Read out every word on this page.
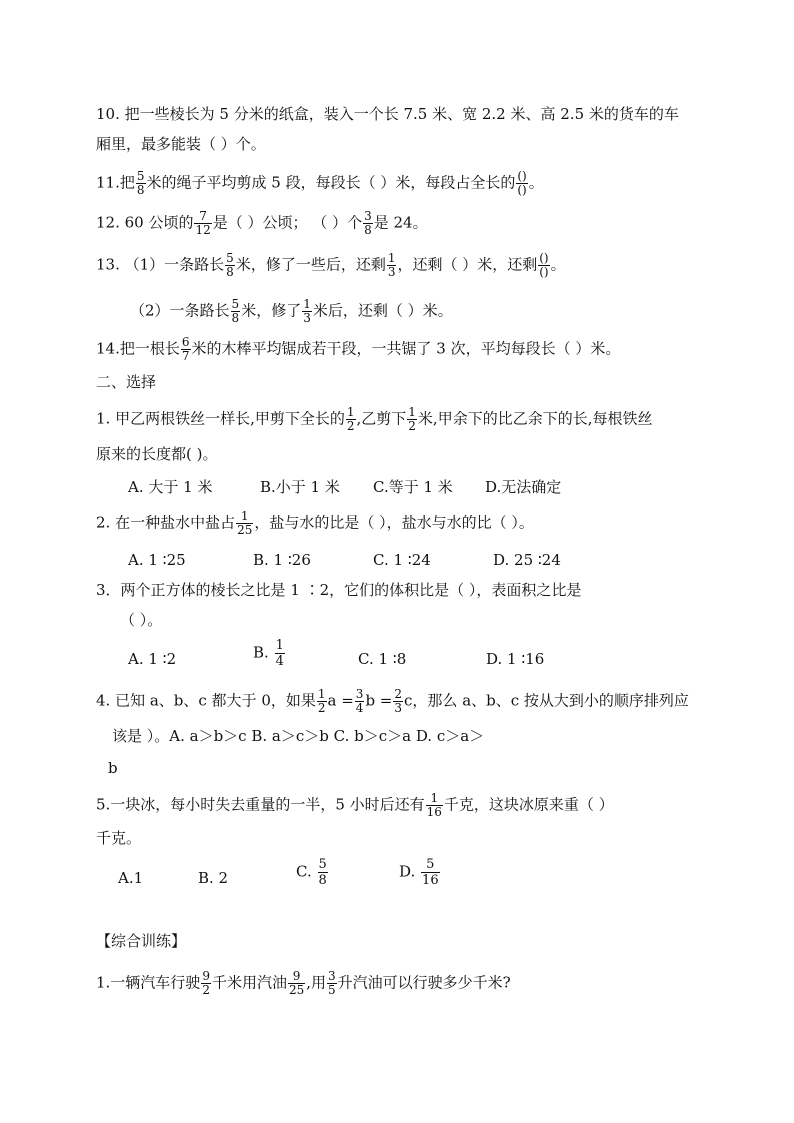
10. 把一些棱长为 5 分米的纸盒，装入一个长 7.5 米、宽 2.2 米、高 2.5 米的货车的车
厢里，最多能装（ ）个。
11.把 $\frac{5}{8}$ 米的绳子平均剪成 5 段，每段长（ ）米，每段占全长的 ()
() 。
12. 60 公顷的 $\frac{7}{12}$ 是（ ）公顷； （ ）个 $\frac{3}{8}$ 是 24。
13. （1）一条路长 $\frac{5}{8}$ 米，修了一些后，还剩 $\frac{1}{3}$ ，还剩（ ）米，还剩 ()
() 。
（2）一条路长 $\frac{5}{8}$ 米，修了 $\frac{1}{3}$ 米后，还剩（ ）米。
14.把一根长 $\frac{6}{7}$ 米的木棒平均锯成若干段，一共锯了 3 次，平均每段长（ ）米。
二、选择
1. 甲乙两根铁丝一样长,甲剪下全长的 $\frac{1}{2}$ ,乙剪下 $\frac{1}{2}$ 米,甲余下的比乙余下的长,每根铁丝
原来的长度都( )。
A. 大于 1 米	B.小于 1 米 C.等于 1 米 D.无法确定
2. 在一种盐水中盐占 $\frac{1}{25}$ ，盐与水的比是（ ），盐水与水的比（ ）。
A. 1 ∶25	B. 1 ∶26	C. 1 ∶24	D. 25 ∶24
3．两个正方体的棱长之比是 1 ∶2，它们的体积比是（ ），表面积之比是
（ ）。
A. 1 ∶2	B. $\frac{1}{4}$	C. 1 ∶8	D. 1 ∶16
4. 已知 a、b、c 都大于 0，如果 $\frac{1}{2}$ $a = \frac{3}{4}$ $b = \frac{2}{3}$ c，那么 a、b、c 按从大到小的顺序排列应
该是 ）。A. a＞b＞c B. a＞c＞b C. b＞c＞a D. c＞a＞
b
5.一块冰，每小时失去重量的一半，5 小时后还有 $\frac{1}{16}$ 千克，这块冰原来重（ ）
千克。
A.1	B. 2	C. $\frac{5}{8}$	D. $\frac{5}{16}$
【综合训练】
1.一辆汽车行驶 $\frac{9}{2}$ 千米用汽油 $\frac{9}{25}$ ,用 $\frac{3}{5}$ 升汽油可以行驶多少千米?
